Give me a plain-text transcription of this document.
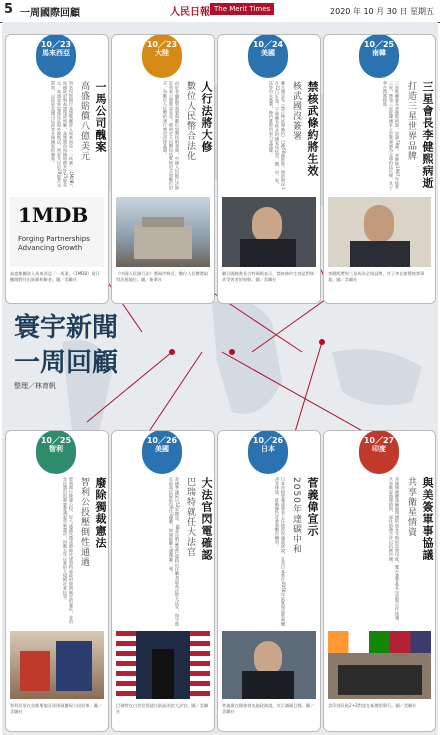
5 一周國際回顧	人民日報 The Merit Times	2020 年 10 月 30 日 星期五
10／23
馬來西亞
一馬公司醜案
高盛賠償八億美元
知名投資銀行高盛集團涉入馬來西亞「一馬案」（1MDB），馬國政府與高盛達成和解，高盛將向馬國賠償共計25億美元。高盛並承認違反反海外腐敗法，同意支付近29億美元罰款，以結束美國司法部等多個國家的調查。
1MDB
Forging Partnerships Advancing Growth
高盛集團涉入馬來西亞「一馬案」（1MDB）貪汙醜聞將付出鉅額和解金。圖／美聯社
10／23
大陸
人行法將大修
數位人民幣合法化
由於金融監管需要與數位貨幣技術發展，中國人民銀行法修訂草案公開徵求意見，將明定人民幣包括實物形式和數位形式，為數位人民幣的發行奠定法律基礎。
《中國人民銀行法》將兩岸修訂，數位人民幣將取得法源地位。圖／新華社
10／24
美國
禁核武條約將生效
核武國沒簽署
聯合國宣布《禁止核武器條約》已獲50國批准，將於明年1月22日生效。不過擁有核武的國家包括美、俄、中、英、法等均未簽署，條約實際約束力受質疑。
聯合國秘書長古特瑞斯表示，禁核條約生效是對核武受害者的致敬。圖／美聯社
10／25
南韓
三星會長李健熙病逝
打造三星世界品牌
三星集團會長李健熙病逝，享壽78歲。李健熙1987年接掌三星，帶領三星從韓國本土企業發展為全球科技巨擘，其子李在鎔將接班。
李健熙帶領三星成為全球品牌，其子李在鎔將接掌事業。圖／美聯社
寰宇新聞
一周回顧
整理／林育帆
10／25
智利
廢除獨裁憲法
智利公投壓倒性通過
智利舉行修憲公投，近八成選民贊成廢除皮諾契特軍政府時期制定的憲法，並由全民選出的制憲會議起草新憲法，回應去年以來的大規模社會抗爭。
智利民眾在首都聖地牙哥街頭慶祝公投結果。圖／美聯社
10／26
美國
大法官閃電確認
巴瑞特就任大法官
美國參議院以52票贊成、48票反對確認巴瑞特出任聯邦最高法院大法官，保守派在最高法院取得6比3優勢，時間距離大選僅剩一週。
巴瑞特在白宮宣誓就任最高法院大法官。圖／美聯社
10／26
日本
菅義偉宣示
2050年達碳中和
日本首相菅義偉發表上任後首次施政演說，宣布日本將在2050年前實現溫室氣體淨零排放，推動綠色社會與數位轉型。
菅義偉在國會發表施政演說，宣示減碳目標。圖／美聯社
10／27
印度
與美簽軍事協議
共享衛星情資
美國國務卿蓬佩奧與國防部長艾斯培訪問印度，雙方簽署基本交流與合作協議，共享衛星地理情資，深化防務合作以抗衡中國。
美印部長級2+2對話在新德里舉行。圖／美聯社
